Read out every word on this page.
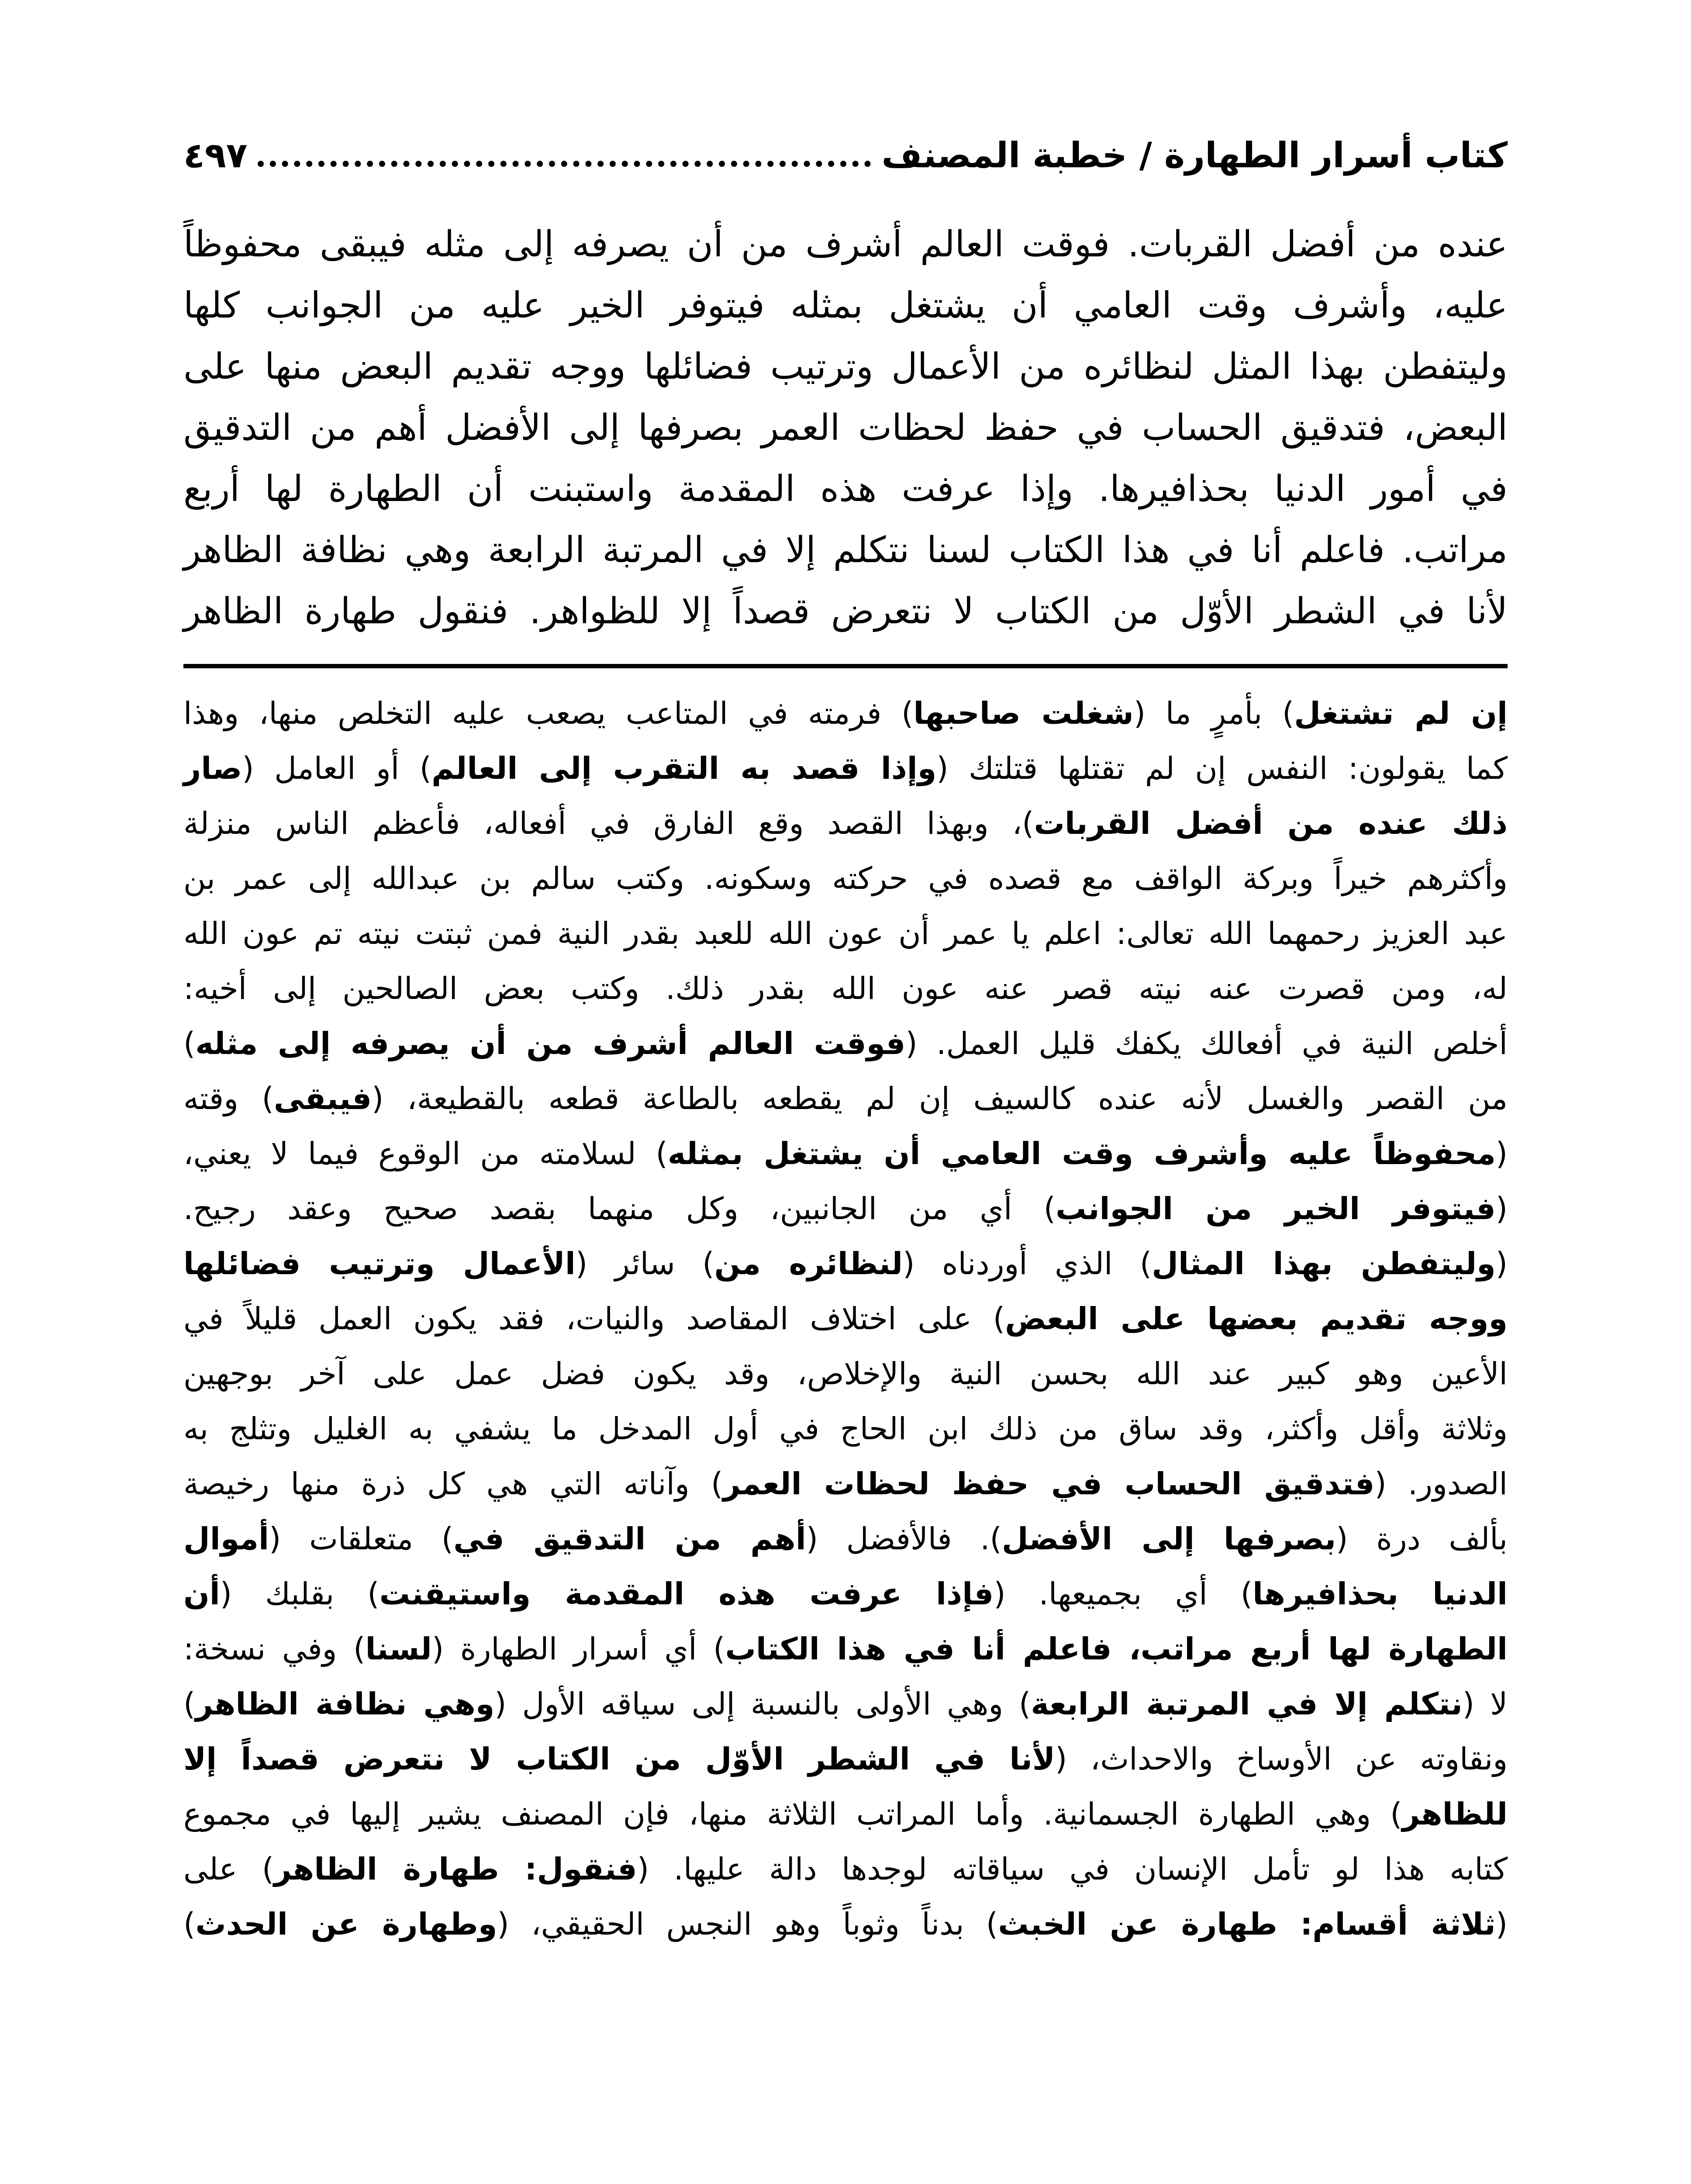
كتاب أسرار الطهارة / خطبة المصنف
٤٩٧
عنده من أفضل القربات. فوقت العالم أشرف من أن يصرفه إلى مثله فيبقى محفوظاً
عليه، وأشرف وقت العامي أن يشتغل بمثله فيتوفر الخير عليه من الجوانب كلها
وليتفطن بهذا المثل لنظائره من الأعمال وترتيب فضائلها ووجه تقديم البعض منها على
البعض، فتدقيق الحساب في حفظ لحظات العمر بصرفها إلى الأفضل أهم من التدقيق
في أمور الدنيا بحذافيرها. وإذا عرفت هذه المقدمة واستبنت أن الطهارة لها أربع
مراتب. فاعلم أنا في هذا الكتاب لسنا نتكلم إلا في المرتبة الرابعة وهي نظافة الظاهر
لأنا في الشطر الأوّل من الكتاب لا نتعرض قصداً إلا للظواهر. فنقول طهارة الظاهر
إن لم تشتغل) بأمرٍ ما (شغلت صاحبها) فرمته في المتاعب يصعب عليه التخلص منها، وهذا
كما يقولون: النفس إن لم تقتلها قتلتك (وإذا قصد به التقرب إلى العالم) أو العامل (صار
ذلك عنده من أفضل القربات)، وبهذا القصد وقع الفارق في أفعاله، فأعظم الناس منزلة
وأكثرهم خيراً وبركة الواقف مع قصده في حركته وسكونه. وكتب سالم بن عبدالله إلى عمر بن
عبد العزيز رحمهما الله تعالى: اعلم يا عمر أن عون الله للعبد بقدر النية فمن ثبتت نيته تم عون الله
له، ومن قصرت عنه نيته قصر عنه عون الله بقدر ذلك. وكتب بعض الصالحين إلى أخيه:
أخلص النية في أفعالك يكفك قليل العمل. (فوقت العالم أشرف من أن يصرفه إلى مثله)
من القصر والغسل لأنه عنده كالسيف إن لم يقطعه بالطاعة قطعه بالقطيعة، (فيبقى) وقته
(محفوظاً عليه وأشرف وقت العامي أن يشتغل بمثله) لسلامته من الوقوع فيما لا يعني،
(فيتوفر الخير من الجوانب) أي من الجانبين، وكل منهما بقصد صحيح وعقد رجيح.
(وليتفطن بهذا المثال) الذي أوردناه (لنظائره من) سائر (الأعمال وترتيب فضائلها
ووجه تقديم بعضها على البعض) على اختلاف المقاصد والنيات، فقد يكون العمل قليلاً في
الأعين وهو كبير عند الله بحسن النية والإخلاص، وقد يكون فضل عمل على آخر بوجهين
وثلاثة وأقل وأكثر، وقد ساق من ذلك ابن الحاج في أول المدخل ما يشفي به الغليل وتثلج به
الصدور. (فتدقيق الحساب في حفظ لحظات العمر) وآناته التي هي كل ذرة منها رخيصة
بألف درة (بصرفها إلى الأفضل). فالأفضل (أهم من التدقيق في) متعلقات (أموال
الدنيا بحذافيرها) أي بجميعها. (فإذا عرفت هذه المقدمة واستيقنت) بقلبك (أن
الطهارة لها أربع مراتب، فاعلم أنا في هذا الكتاب) أي أسرار الطهارة (لسنا) وفي نسخة:
لا (نتكلم إلا في المرتبة الرابعة) وهي الأولى بالنسبة إلى سياقه الأول (وهي نظافة الظاهر)
ونقاوته عن الأوساخ والاحداث، (لأنا في الشطر الأوّل من الكتاب لا نتعرض قصداً إلا
للظاهر) وهي الطهارة الجسمانية. وأما المراتب الثلاثة منها، فإن المصنف يشير إليها في مجموع
كتابه هذا لو تأمل الإنسان في سياقاته لوجدها دالة عليها. (فنقول: طهارة الظاهر) على
(ثلاثة أقسام: طهارة عن الخبث) بدناً وثوباً وهو النجس الحقيقي، (وطهارة عن الحدث)
